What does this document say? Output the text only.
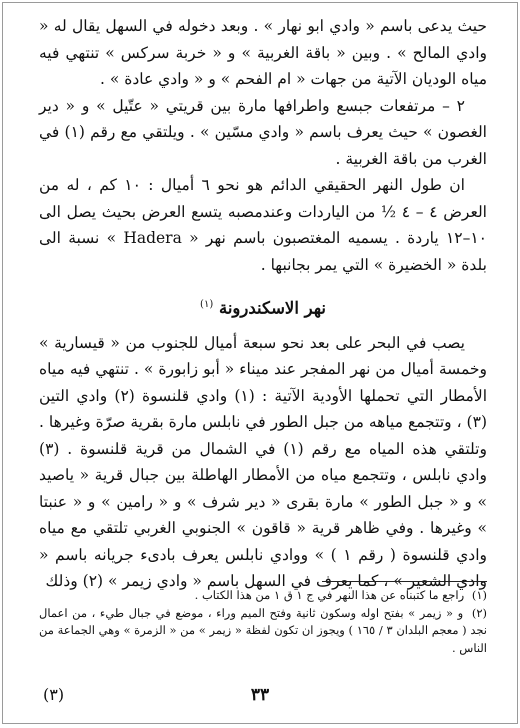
حيث يدعى باسم « وادي ابو نهار » . وبعد دخوله في السهل يقال له « وادي المالح » . وبين « باقة الغربية » و « خربة سركس » تنتهي فيه مياه الوديان الآتية من جهات « ام الفحم » و « وادي عادة » .

٢ – مرتفعات جبسع واطرافها مارة بين قريتي « عتّيل » و « دير الغصون » حيث يعرف باسم « وادي مسّين » . ويلتقي مع رقم (١) في الغرب من باقة الغربية .

ان طول النهر الحقيقي الدائم هو نحو ٦ أميال : ١٠ كم ، له من العرض ٤ – ٤ ½ من الياردات وعندمصبه يتسع العرض بحيث يصل الى ١٠–١٢ ياردة . يسميه المغتصبون باسم نهر « Hadera » نسبة الى بلدة « الخضيرة » التي يمر بجانبها .

نهر الاسكندرونة $^{(١)}$

يصب في البحر على بعد نحو سبعة أميال للجنوب من « قيسارية » وخمسة أميال من نهر المفجر عند ميناء « أبو زابورة » . تنتهي فيه مياه الأمطار التي تحملها الأودية الآتية : (١) وادي قلنسوة (٢) وادي التين (٣) ، وتتجمع مياهه من جبل الطور في نابلس مارة بقرية صرّة وغيرها . وتلتقي هذه المياه مع رقم (١) في الشمال من قرية قلنسوة . (٣) وادي نابلس ، وتتجمع مياه من الأمطار الهاطلة بين جبال قرية « ياصيد » و « جبل الطور » مارة بقرى « دير شرف » و « رامين » و « عنبتا » وغيرها . وفي ظاهر قرية « قاقون » الجنوبي الغربي تلتقي مع مياه وادي قلنسوة ( رقم ١ ) » ووادي نابلس يعرف بادىء جريانه باسم « وادي الشعير » ، كما يعرف في السهل باسم « وادي زيمر » (٢) وذلك

(١) راجع ما كتبناه عن هذا النهر في ج ١ ق ١ من هذا الكتاب .

(٢) و « زيمر » بفتح اوله وسكون ثانية وفتح الميم وراء ، موضع في جبال طيء ، من اعمال نجد ( معجم البلدان ٣ / ١٦٥ ) ويجوز ان تكون لفظة « زيمر » من « الزمرة » وهي الجماعة من الناس .

٣٣
(٣)
